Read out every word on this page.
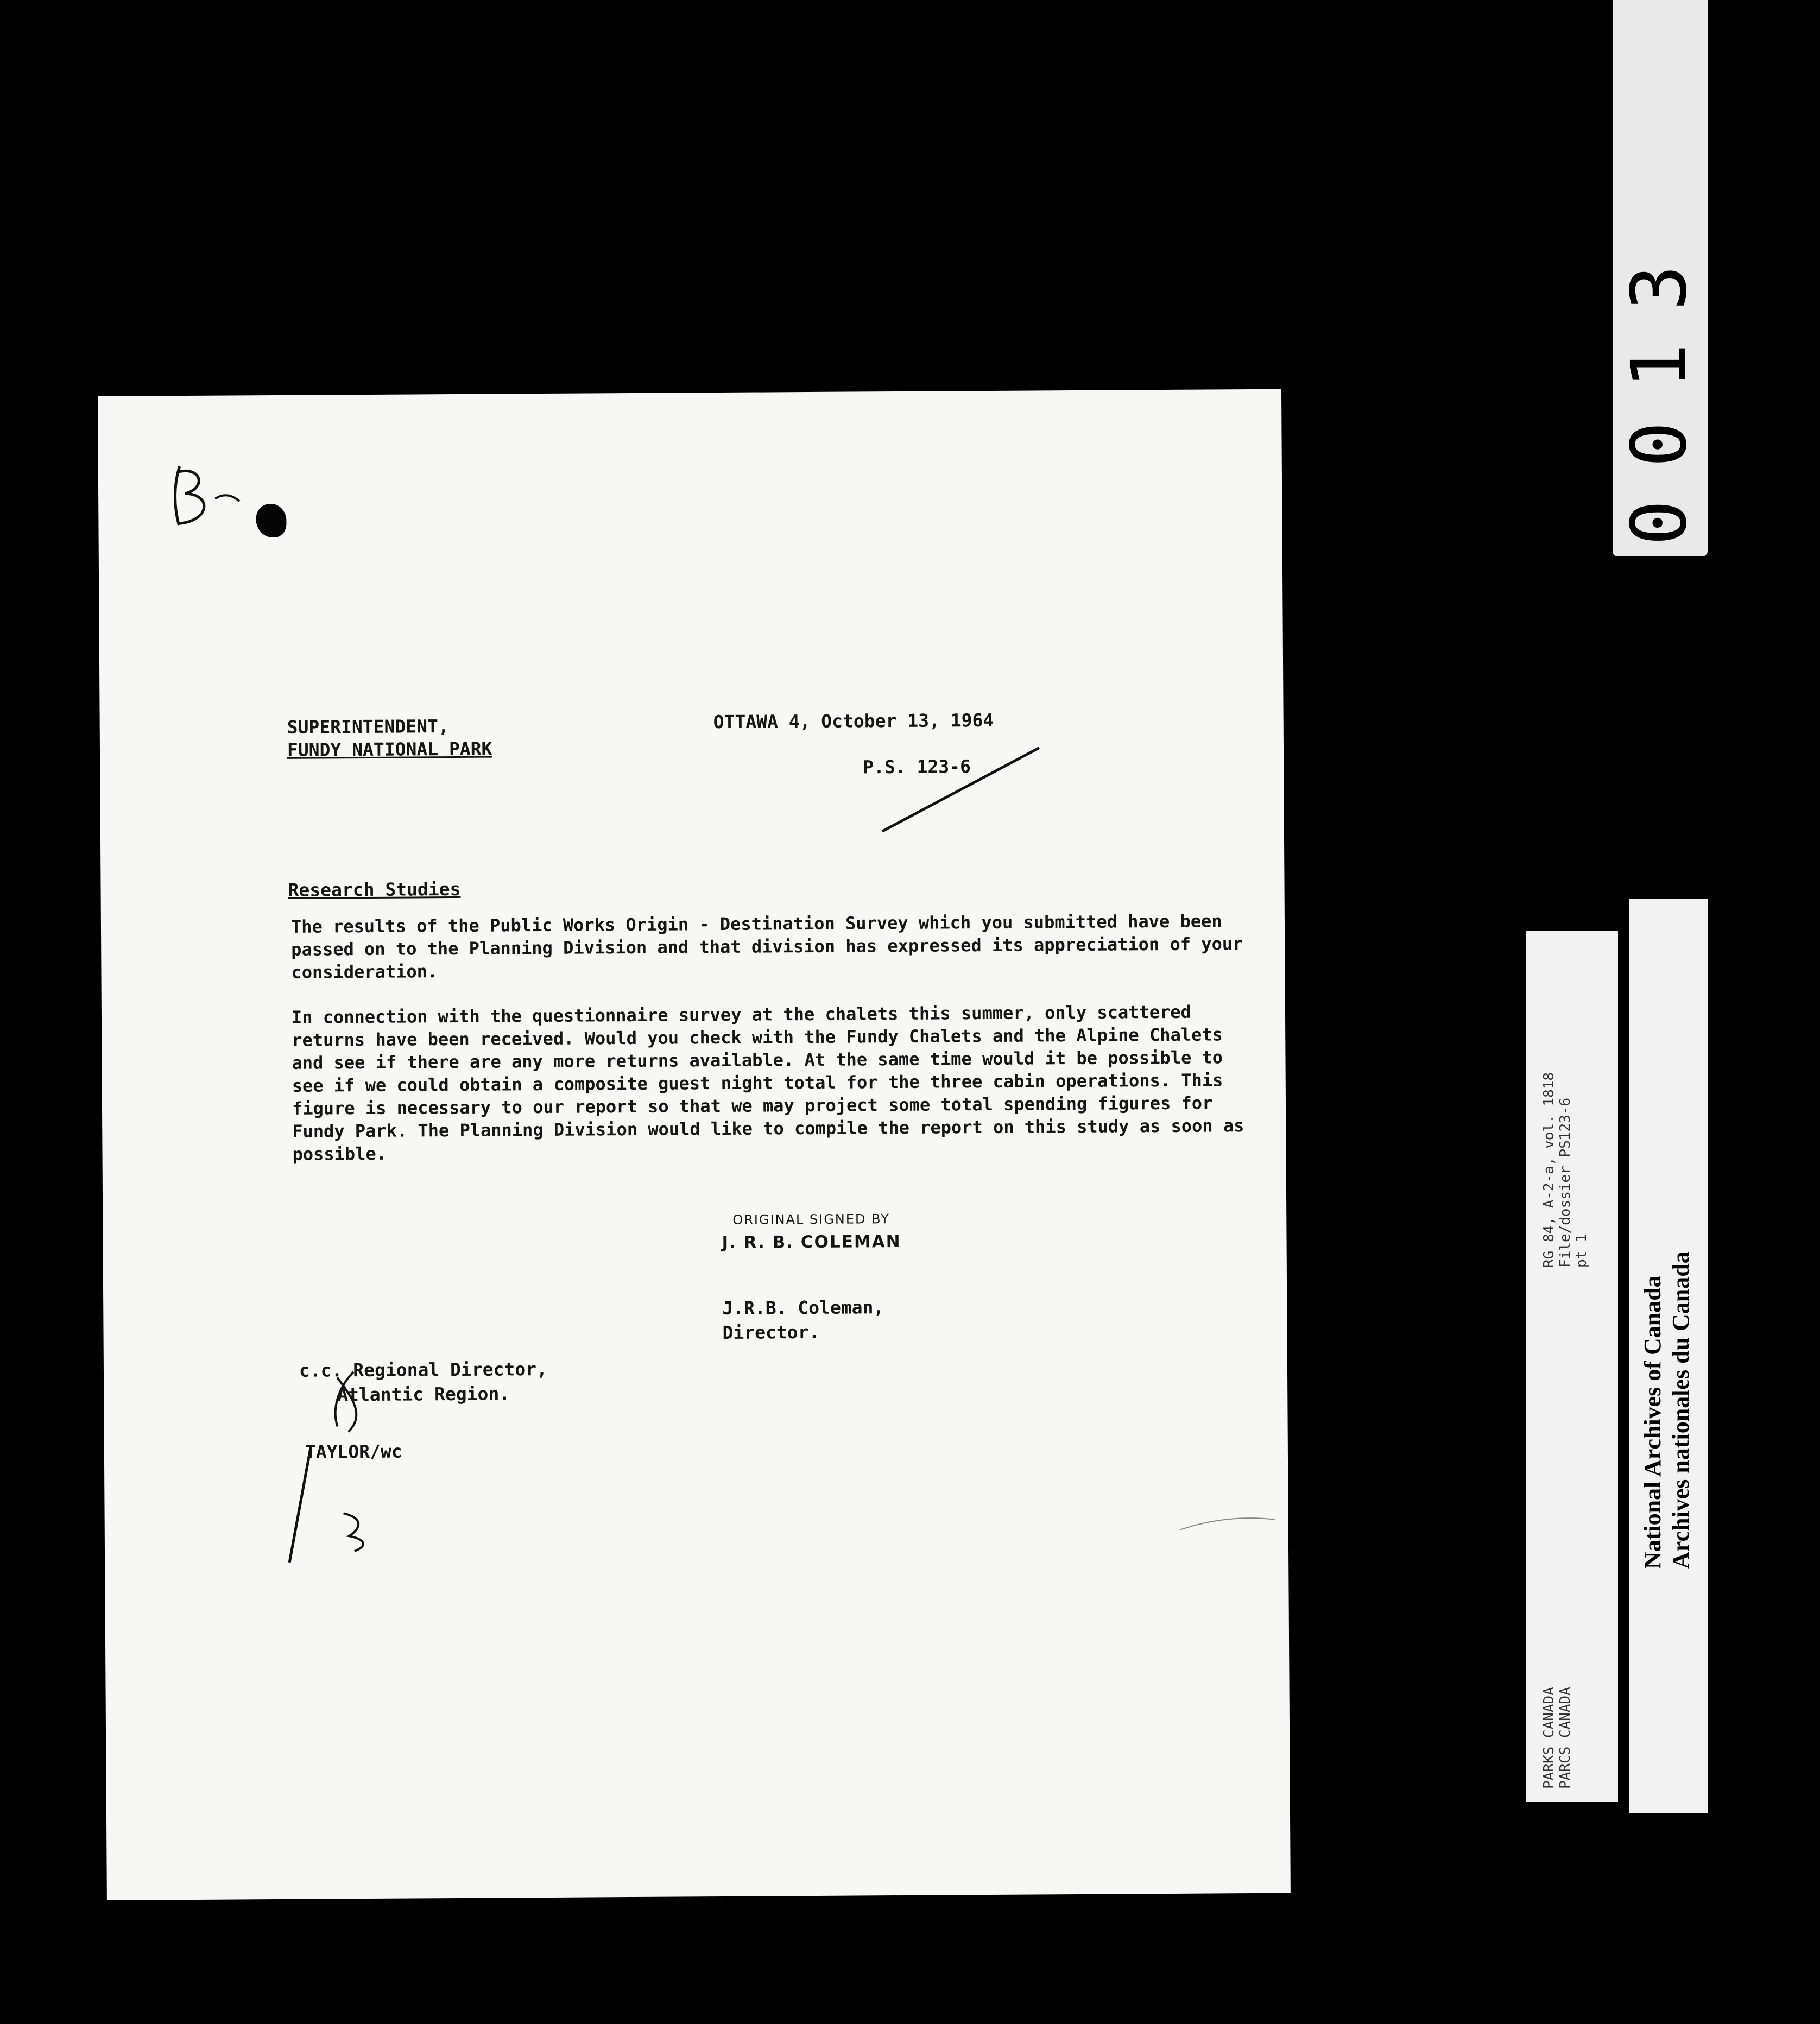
SUPERINTENDENT,
FUNDY NATIONAL PARK
OTTAWA 4, October 13, 1964
P.S. 123-6
Research Studies

The results of the Public Works Origin - Destination Survey which you submitted have been passed on to the Planning Division and that division has expressed its appreciation of your consideration.

In connection with the questionnaire survey at the chalets this summer, only scattered returns have been received. Would you check with the Fundy Chalets and the Alpine Chalets and see if there are any more returns available. At the same time would it be possible to see if we could obtain a composite guest night total for the three cabin operations. This figure is necessary to our report so that we may project some total spending figures for Fundy Park. The Planning Division would like to compile the report on this study as soon as possible.

ORIGINAL SIGNED BY
J. R. B. COLEMAN
J.R.B. Coleman,
Director.
c.c. Regional Director,
Atlantic Region.
TAYLOR/wc
0013
RG 84, A-2-a, vol. 1818 File/dossier PS123-6 pt 1
PARKS CANADA PARCS CANADA
National Archives of Canada Archives nationales du Canada
